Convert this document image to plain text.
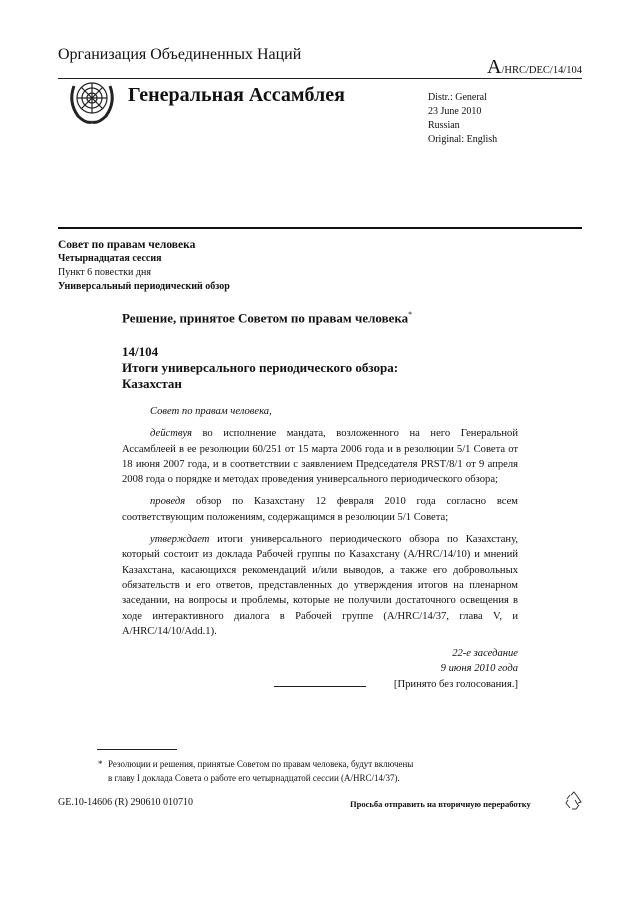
Организация Объединенных Наций
A/HRC/DEC/14/104
Генеральная Ассамблея	Distr.: General
23 June 2010
Russian
Original: English
Совет по правам человека
Четырнадцатая сессия
Пункт 6 повестки дня
Универсальный периодический обзор
Решение, принятое Советом по правам человека*
14/104
Итоги универсального периодического обзора:
Казахстан

Совет по правам человека,

действуя во исполнение мандата, возложенного на него Генеральной Ассамблеей в ее резолюции 60/251 от 15 марта 2006 года и в резолюции 5/1 Совета от 18 июня 2007 года, и в соответствии с заявлением Председателя PRST/8/1 от 9 апреля 2008 года о порядке и методах проведения универсального периодического обзора;

проведя обзор по Казахстану 12 февраля 2010 года согласно всем соответствующим положениям, содержащимся в резолюции 5/1 Совета;

утверждает итоги универсального периодического обзора по Казахстану, который состоит из доклада Рабочей группы по Казахстану (A/HRC/14/10) и мнений Казахстана, касающихся рекомендаций и/или выводов, а также его добровольных обязательств и его ответов, представленных до утверждения итогов на пленарном заседании, на вопросы и проблемы, которые не получили достаточного освещения в ходе интерактивного диалога в Рабочей группе (A/HRC/14/37, глава V, и A/HRC/14/10/Add.1).

22-е заседание
9 июня 2010 года
[Принято без голосования.]
* Резолюции и решения, принятые Советом по правам человека, будут включены
в главу I доклада Совета о работе его четырнадцатой сессии (A/HRC/14/37).
GE.10-14606 (R) 290610 010710	Просьба отправить на вторичную переработку
